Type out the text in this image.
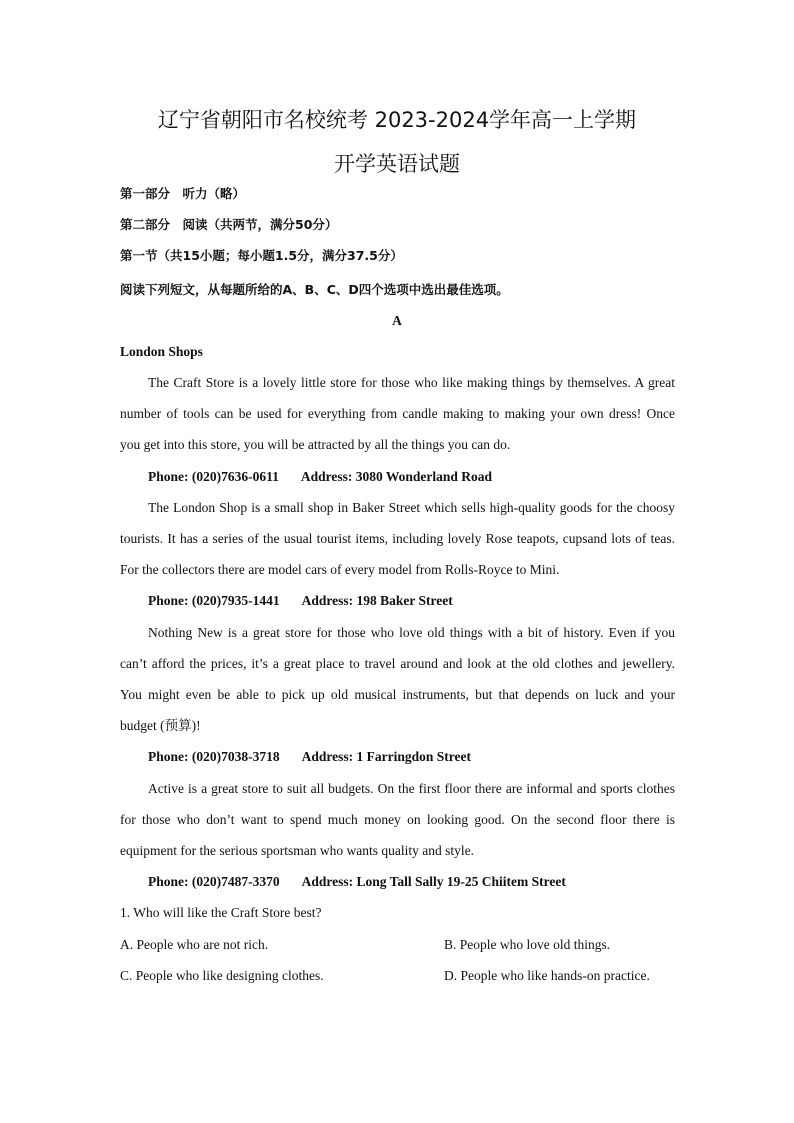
辽宁省朝阳市名校统考 2023-2024学年高一上学期
开学英语试题
第一部分　听力（略）
第二部分　阅读（共两节，满分50分）
第一节（共15小题；每小题1.5分，满分37.5分）
阅读下列短文，从每题所给的A、B、C、D四个选项中选出最佳选项。
A
London Shops
The Craft Store is a lovely little store for those who like making things by themselves. A great
number of tools can be used for everything from candle making to making your own dress! Once
you get into this store, you will be attracted by all the things you can do.
Phone: (020)7636-0611 Address: 3080 Wonderland Road
The London Shop is a small shop in Baker Street which sells high-quality goods for the choosy
tourists. It has a series of the usual tourist items, including lovely Rose teapots, cupsand lots of teas.
For the collectors there are model cars of every model from Rolls-Royce to Mini.
Phone: (020)7935-1441 Address: 198 Baker Street
Nothing New is a great store for those who love old things with a bit of history. Even if you
can’t afford the prices, it’s a great place to travel around and look at the old clothes and jewellery.
You might even be able to pick up old musical instruments, but that depends on luck and your
budget (预算)!
Phone: (020)7038-3718 Address: 1 Farringdon Street
Active is a great store to suit all budgets. On the first floor there are informal and sports clothes
for those who don’t want to spend much money on looking good. On the second floor there is
equipment for the serious sportsman who wants quality and style.
Phone: (020)7487-3370 Address: Long Tall Sally 19-25 Chiitem Street
1. Who will like the Craft Store best?
A. People who are not rich.	B. People who love old things.
C. People who like designing clothes.	D. People who like hands-on practice.
